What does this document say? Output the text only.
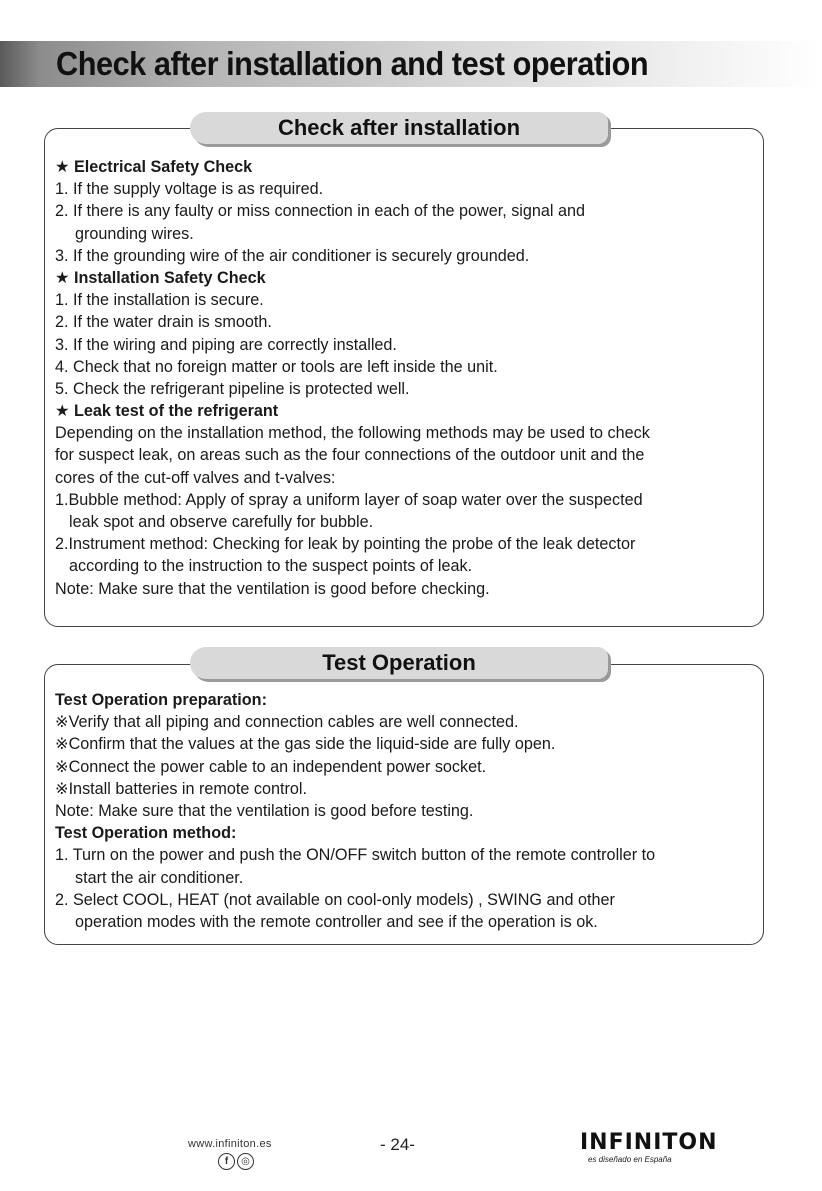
Check after installation and test operation
Check after installation
★ Electrical Safety Check
1. If the supply voltage is as required.
2. If there is any faulty or miss connection in each of the power, signal and
grounding wires.
3. If the grounding wire of the air conditioner is securely grounded.
★ Installation Safety Check
1. If the installation is secure.
2. If the water drain is smooth.
3. If the wiring and piping are correctly installed.
4. Check that no foreign matter or tools are left inside the unit.
5. Check the refrigerant pipeline is protected well.
★ Leak test of the refrigerant
Depending on the installation method, the following methods may be used to check
for suspect leak, on areas such as the four connections of the outdoor unit and the
cores of the cut-off valves and t-valves:
1.Bubble method: Apply of spray a uniform layer of soap water over the suspected
leak spot and observe carefully for bubble.
2.Instrument method: Checking for leak by pointing the probe of the leak detector
according to the instruction to the suspect points of leak.
Note: Make sure that the ventilation is good before checking.
Test Operation
Test Operation preparation:
※Verify that all piping and connection cables are well connected.
※Confirm that the values at the gas side the liquid-side are fully open.
※Connect the power cable to an independent power socket.
※Install batteries in remote control.
Note: Make sure that the ventilation is good before testing.
Test Operation method:
1. Turn on the power and push the ON/OFF switch button of the remote controller to
start the air conditioner.
2. Select COOL, HEAT (not available on cool-only models) , SWING and other
operation modes with the remote controller and see if the operation is ok.
www.infiniton.es
f	◎
- 24-	INFINITON
es diseñado en España
